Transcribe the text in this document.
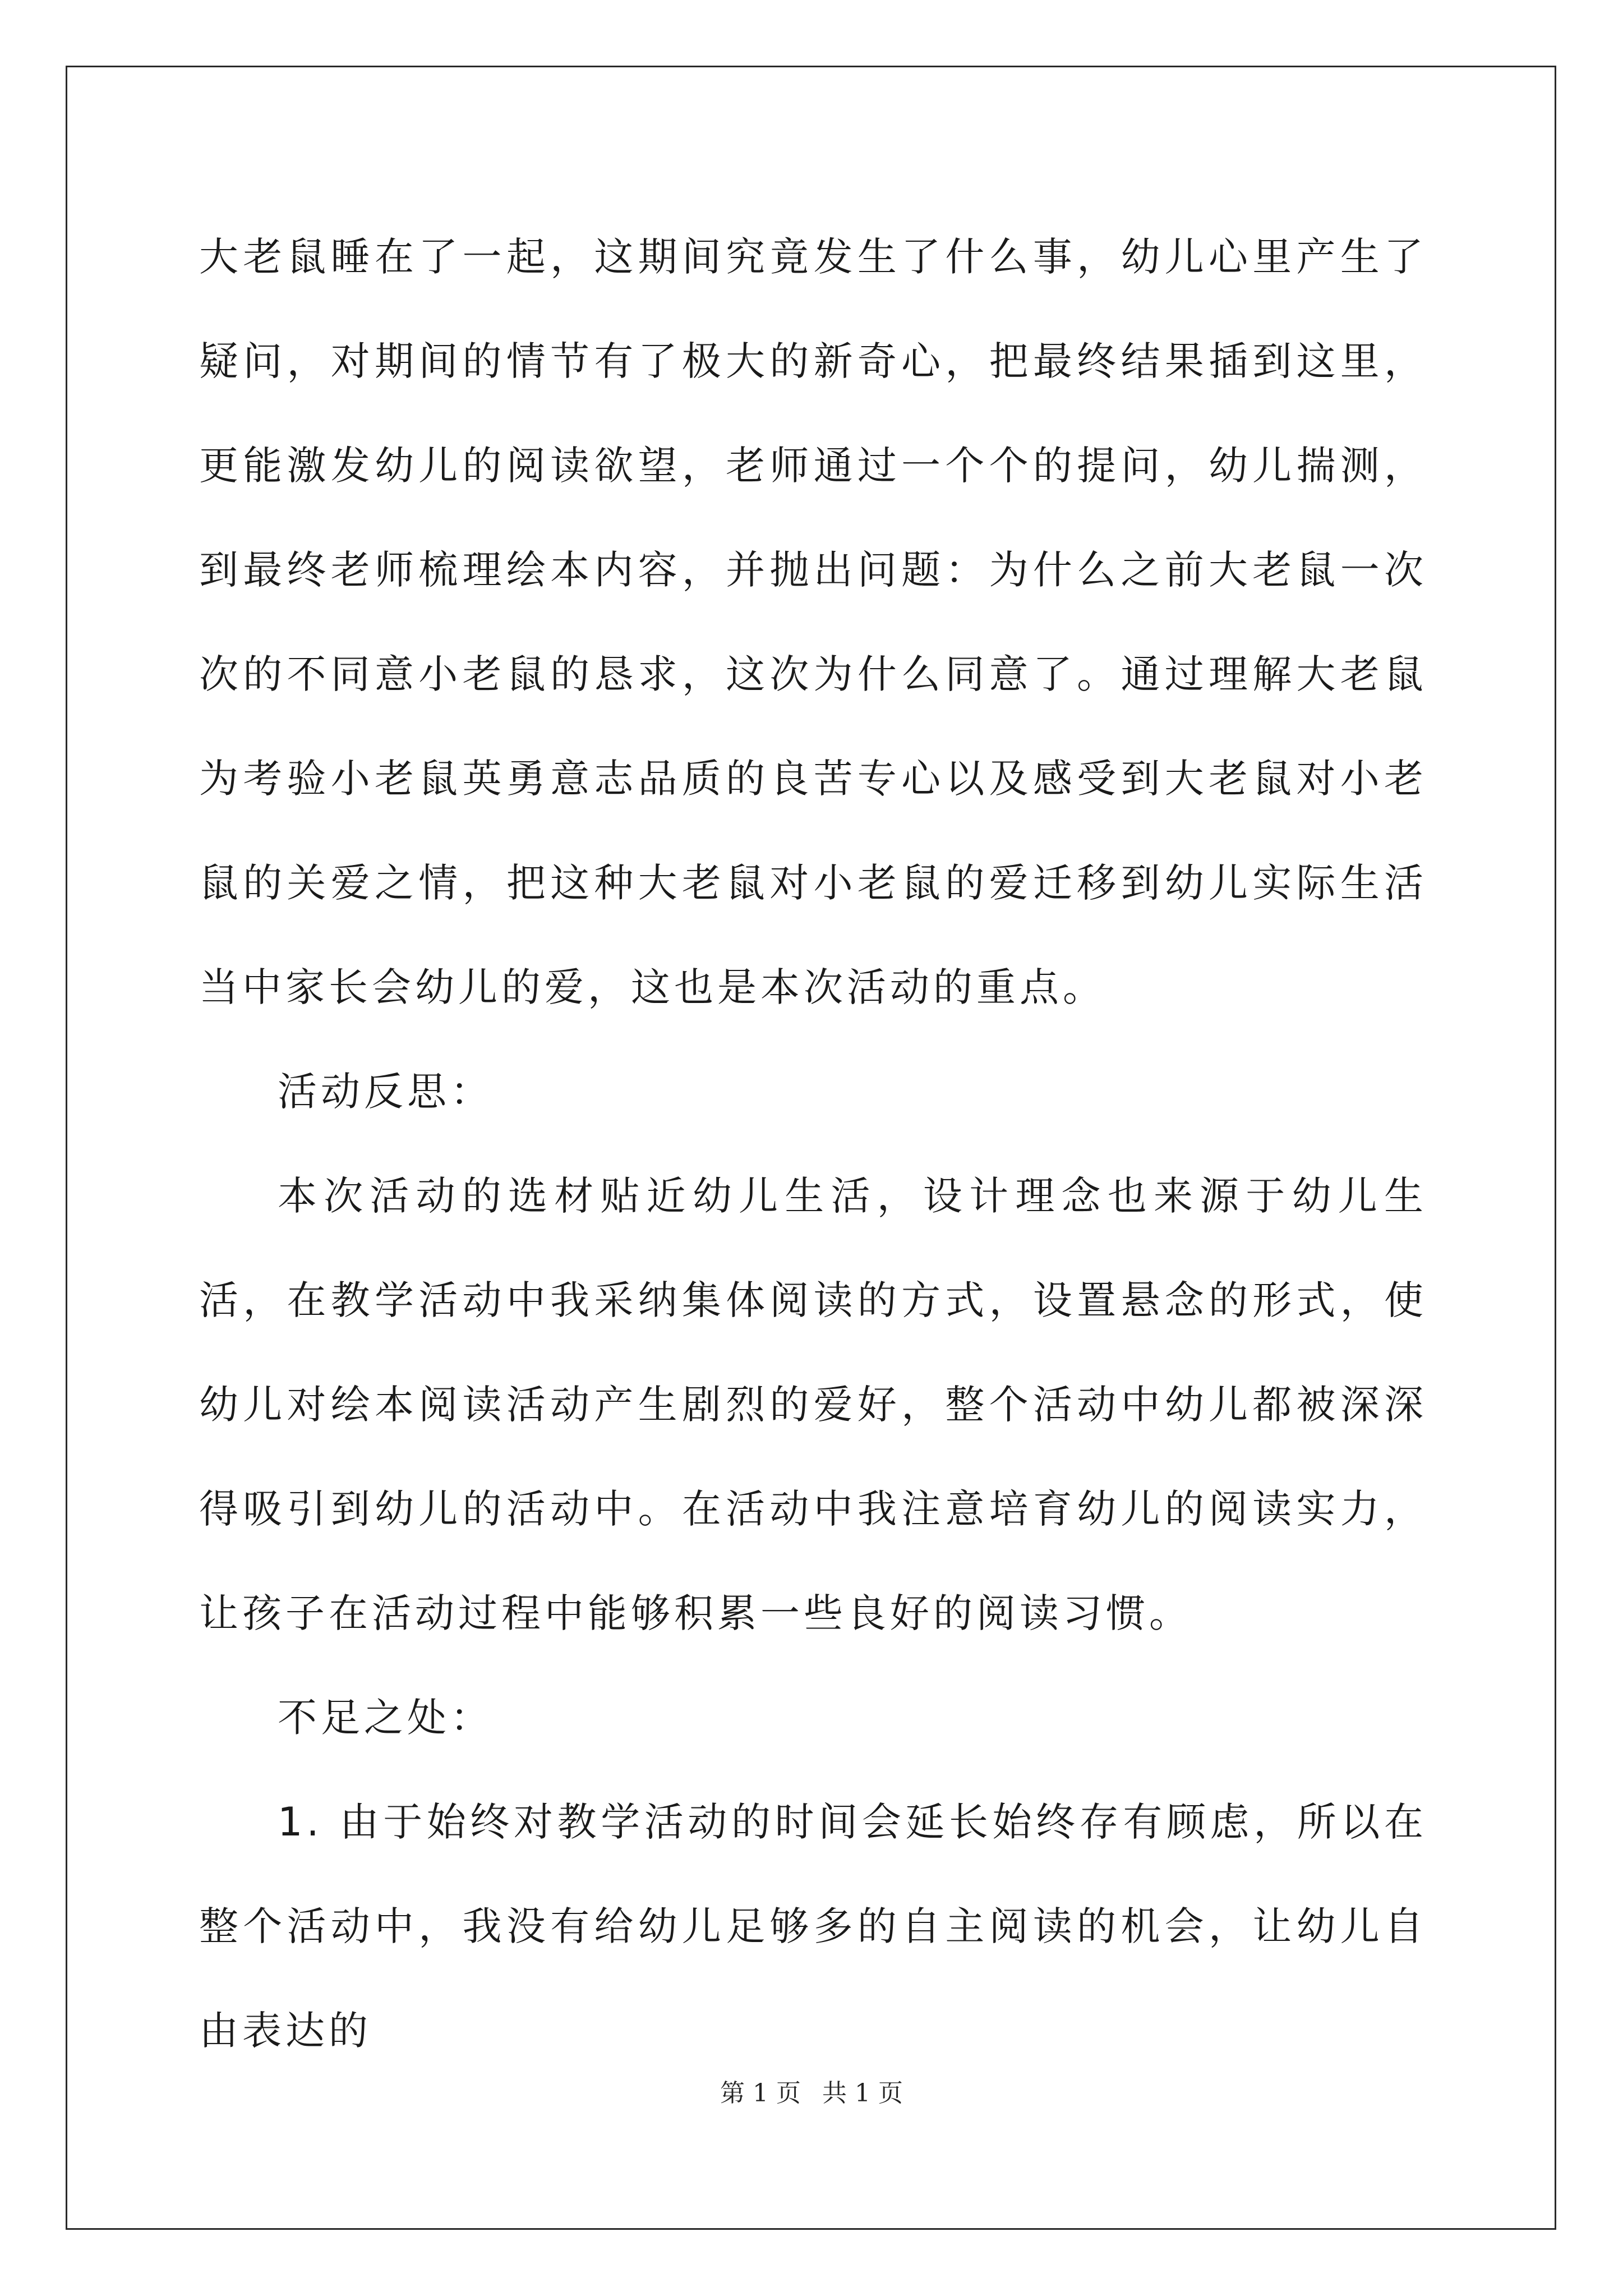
大老鼠睡在了一起，这期间究竟发生了什么事，幼儿心里产生了疑问，对期间的情节有了极大的新奇心，把最终结果插到这里，更能激发幼儿的阅读欲望，老师通过一个个的提问，幼儿揣测，到最终老师梳理绘本内容，并抛出问题：为什么之前大老鼠一次次的不同意小老鼠的恳求，这次为什么同意了。通过理解大老鼠为考验小老鼠英勇意志品质的良苦专心以及感受到大老鼠对小老鼠的关爱之情，把这种大老鼠对小老鼠的爱迁移到幼儿实际生活当中家长会幼儿的爱，这也是本次活动的重点。

活动反思：

本次活动的选材贴近幼儿生活，设计理念也来源于幼儿生活，在教学活动中我采纳集体阅读的方式，设置悬念的形式，使幼儿对绘本阅读活动产生剧烈的爱好，整个活动中幼儿都被深深得吸引到幼儿的活动中。在活动中我注意培育幼儿的阅读实力，让孩子在活动过程中能够积累一些良好的阅读习惯。

不足之处：

1. 由于始终对教学活动的时间会延长始终存有顾虑，所以在整个活动中，我没有给幼儿足够多的自主阅读的机会，让幼儿自由表达的

第 1 页 共 1 页
